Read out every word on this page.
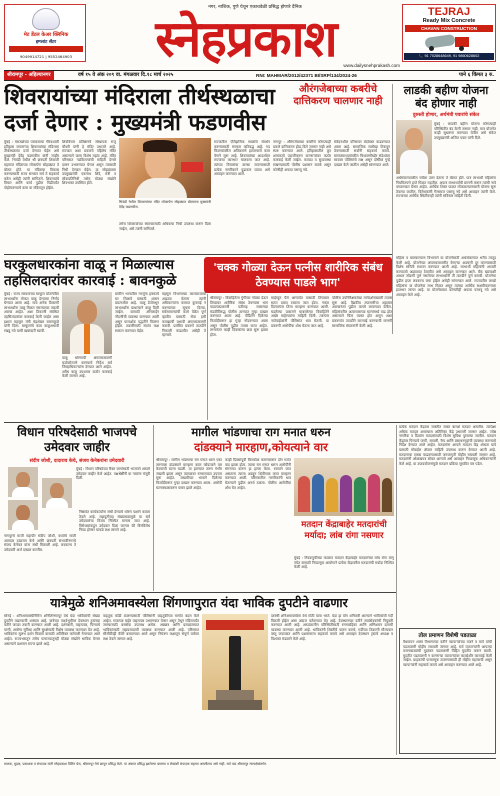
मेट डेंटल केअर क्लिनिक
इम्प्लांट सेंटर
9049914721 | 9552464903
नगर, नाशिक, पुणे येथून एकाचवेळी प्रसिद्ध होणारे दैनिक
स्नेहप्रकाश	TEJRAJ
Ready Mix Concrete
CHAVAN CONSTRUCTION
📞 91 7028648649, 91 9860628602
www.dailysnehprakash.com
श्रीरामपूर - अहिल्यानगर	वर्ष १५ वे अंक २०९ वा. मंगळवार दि.१८ मार्च २०२५	RNI: MAHMAR/2012/42371 BI/SRP/134/2024-26	पाने ६ किंमत ३ रु.
शिवरायांच्या मंदिराला तीर्थस्थळाचा
दर्जा देणार : मुख्यमंत्री फडणवीस
औरंगजेबाच्या कबरीचे दात्तिकरण चालणार नाही
लाडकी बहीण योजना बंद होणार नाही
दुरुस्ती होणार, अर्थमंत्री पवारांचे संकेत
मुंबई : मराठ्यांच्या पराक्रमाचा गौरवशाली इतिहास जपणाऱ्या शिवरायांच्या मंदिराला तीर्थस्थळाचा दर्जा देण्यात येईल असे मुख्यमंत्री देवेंद्र फडणवीस यांनी जाहीर केले. भिवंडी येथील श्री छत्रपती शिवाजी महाराज मंदिराच्या लोकार्पण सोहळ्यात ते बोलत होते. या मंदिराचा विकास करण्यासाठी राज्य सरकार सर्व ते सहकार्य करेल असेही त्यांनी सांगितले. शिवरायांचे विचार आणि कार्य पुढील पिढीपर्यंत पोहोचवण्याचे काम या मंदिरातून होईल.
शिवविचार प्रतिष्ठानचे संस्थापक राजू चौधरी यांनी हे मंदिर उभारले आहे. राज्यात अशा प्रकारचे पहिलेच मंदिर असल्याने याला विशेष महत्व आहे. मंदिर परिसरात गडकिल्ल्यांची माहिती देणारे दालन उभारण्यात येणार असून त्यासाठी निधी देण्यात येईल. या सोहळ्याला उपमुख्यमंत्री एकनाथ शिंदे, मंत्री व लोकप्रतिनिधी तसेच मोठ्या संख्येने शिवभक्त उपस्थित होते.
भिवंडी येथील शिवरायांच्या मंदिर लोकार्पण सोहळ्यात बोलताना मुख्यमंत्री देवेंद्र फडणवीस.
तसेच शिवरायांच्या स्मारकासाठी अधिकचा निधी उपलब्ध करून दिला जाईल, असे त्यांनी सांगितले.
राज्यातील ऐतिहासिक स्थळांचे संवर्धन करण्यासाठी सरकार कटिबद्ध आहे. गड किल्ल्यांवरील अतिक्रमणे हटवण्याचे काम वेगाने सुरू आहे. शिवरायांच्या आदर्शावर राज्याचा कारभार चालवला जात आहे. त्यांच्या विचारांचा वारसा जपण्यासाठी प्रत्येक नागरिकाने पुढाकार घ्यावा असे आवाहन करण्यात आले.
नागपूर : औरंगजेबाच्या कबरीचे कोणत्याही प्रकारे दात्तिकरण होऊ दिले जाणार नाही असे स्पष्ट करण्यात आले. इतिहासातील क्रूर शासकाचे उदात्तीकरण करणाऱ्यांवर कठोर कारवाई केली जाईल. कायदा व सुव्यवस्था राखण्यासाठी पोलीस प्रशासन सतर्क असून कोणीही अफवा पसरवू नये.
संवेदनशील परिसरात बंदोबस्त वाढवण्यात आला आहे. सामाजिक सलोखा टिकवून ठेवण्यासाठी सर्वांनी सहकार्य करावे. समाजमाध्यमांवरील चिथावणीखोर संदेशांवर सायबर पोलिसांचे लक्ष असून दोषींवर गुन्हे दाखल केले जातील असेही सांगण्यात आले.
मुंबई : लाडकी बहीण योजना कोणत्याही परिस्थितीत बंद केली जाणार नाही, मात्र योजनेत काही सुधारणा करण्यात येतील असे संकेत उपमुख्यमंत्री अजित पवार यांनी दिले.
अर्थसंकल्पावरील चर्चेला उत्तर देताना ते बोलत होते. पात्र लाभार्थी महिलांना नियमितपणे हप्ते मिळत राहतील. अपात्र लाभार्थ्यांची छाननी करून त्यांची नावे वगळण्यात येणार आहेत. आर्थिक शिस्त पाळत लोककल्याणकारी योजना सुरू ठेवल्या जातील, विरोधकांनी गैरसमज पसरवू नये असे आवाहन त्यांनी केले. राज्याच्या आर्थिक स्थितीवरही त्यांनी सविस्तर माहिती दिली.
घरकुलधारकांना वाळू न मिळाल्यास
तहसिलदारांवर कारवाई : बावनकुळे
'चक्क गोळ्या देऊन पत्नीस शारीरिक संबंध ठेवण्यास पाडले भाग'
मुंबई : राज्य सरकारच्या घरकुल योजनेतील लाभार्थ्यांना मोफत वाळू देण्याचा निर्णय घेण्यात आला आहे. मात्र अनेक ठिकाणी लाभार्थ्यांना वाळू मिळत नसल्याच्या तक्रारी आल्या आहेत. अशा ठिकाणी संबंधित तहसिलदारांवर कारवाई केली जाईल असा इशारा महसूल मंत्री चंद्रशेखर बावनकुळे यांनी दिला. घरकुलांचे काम वाळूअभावी रखडू नये याची खबरदारी घ्यावी.
वाळू धोरणाची अंमलबजावणी काटेकोरपणे करण्याचे निर्देश सर्व जिल्हाधिकाऱ्यांना देण्यात आले आहेत. अवैध वाळू उपशावर कठोर कारवाई केली जाणार आहे.
ग्रामीण भागातील गरजूंना हक्काचे घर मिळावे यासाठी शासन प्रयत्नशील आहे. वाळू डेपोमधून लाभार्थ्यांना प्राधान्याने वाळू दिली जाईल. यासाठी ऑनलाईन नोंदणीची व्यवस्था करण्यात आली असून पारदर्शक पद्धतीने वितरण होईल. तक्रारींसाठी स्वतंत्र कक्ष स्थापन करण्यात येईल.
महसूल विभागाच्या कामकाजाचा आढावा घेताना त्यांनी अधिकाऱ्यांना कामात कुचराई न करण्याच्या सूचना दिल्या. सर्वसामान्यांची कामे वेळेत पूर्ण व्हावीत यासाठी सेवा हमी कायद्याची प्रभावी अंमलबजावणी करावी. प्रलंबित प्रकरणे तातडीने निकाली काढावीत असेही ते म्हणाले.
श्रीरामपूर : विवाहितेला गुंगीच्या गोळ्या देऊन तिच्यावर शारीरिक संबंध ठेवण्यास भाग पाडल्याप्रकरणी पतीसह सासरच्या मंडळींविरुद्ध पोलीस ठाण्यात गुन्हा दाखल करण्यात आला आहे. पीडितेने दिलेल्या फिर्यादीवरून हा गुन्हा नोंदवण्यात आला असून पोलीस पुढील तपास करत आहेत. लग्नानंतर काही दिवसांतच छळ सुरू झाला होता.
माहेरहून पैसे आणावेत यासाठी तिच्यावर सतत दबाव टाकला जात होता. नकार दिल्यानंतर तिला मारहाण करण्यात आली. घडलेल्या प्रकाराने घाबरलेल्या विवाहितेने अखेर माहेरच्यांना माहिती दिली. त्यानंतर नातेवाईकांनी पोलिसांत धाव घेतली. या प्रकरणी आरोपींचा शोध घेतला जात आहे.
पोलीस उपनिरीक्षकांच्या मार्गदर्शनाखाली तपास सुरू आहे. वैद्यकीय तपासणीचा अहवाल आल्यानंतर पुढील कलमे लावण्यात येतील. महिलांवरील अत्याचाराच्या घटनांमध्ये वाढ होत असल्याने चिंता व्यक्त होत असून अशा प्रकरणांत तातडीने कारवाई करण्याची मागणी सामाजिक संघटनांनी केली आहे.
महिला व बालकल्याण विभागाने या योजनेसाठी अर्थसंकल्पात भरीव तरतूद केली आहे. योजनेच्या अंमलबजावणीत येणाऱ्या अडचणी दूर करण्यासाठी विशेष समिती स्थापन करण्यात आली आहे. लाभार्थी महिलांनी आपली कागदपत्रे अद्ययावत ठेवावीत असे आवाहन करण्यात आले. बँक खात्याशी आधार जोडणी पूर्ण नसलेल्या लाभार्थ्यांनी ती तातडीने पूर्ण करावी. योजनेचा पुढील हप्ता लवकरच जमा होईल असेही सांगण्यात आले. राज्यातील लाखो महिलांना या योजनेचा लाभ मिळत असून त्यांच्या आर्थिक सक्षमीकरणाला हातभार लागत आहे. या योजनेबाबत कोणतीही अफवा पसरवू नये असे आवाहन केले आहे.
विधान परिषदेसाठी भाजपचे उमेदवार जाहीर
संदीप जोशी, दादाराव केचे, संजय केनेकरांना उमेदवारी
मुंबई : विधान परिषदेच्या रिक्त जागांसाठी भाजपने आपले उमेदवार जाहीर केले आहेत. पक्षश्रेष्ठींनी या नावांना मंजुरी दिली.
नागपूरचे माजी महापौर संदीप जोशी, वर्ध्याचे माजी आमदार दादाराव केचे आणि छत्रपती संभाजीनगरचे संजय केनेकर यांना संधी मिळाली आहे. लवकरच ते उमेदवारी अर्ज दाखल करतील.
निष्ठावंत कार्यकर्त्यांना संधी देण्याचे धोरण पक्षाने कायम ठेवले आहे. महायुतीच्या संख्याबळामुळे या सर्व उमेदवारांचा विजय निश्चित मानला जात आहे. विरोधकांकडून उमेदवार दिला जाणार की बिनविरोध निवड होणार याकडे लक्ष लागले आहे.
मागील भांडणाचा राग मनात धरुन
दांडक्याने मारहाण,कोयत्याने वार
श्रीरामपूर : मागील भांडणाचा राग मनात धरुन एका तरुणाला दांडक्याने मारहाण करत कोयत्याने वार केल्याची घटना घडली. या हल्ल्यात तरुण गंभीर जखमी झाला असून त्याच्यावर रुग्णालयात उपचार सुरू आहेत. जखमीच्या भावाने दिलेल्या फिर्यादीवरून गुन्हा दाखल करण्यात आला. आरोपी घटनास्थळावरून पसार झाले आहेत.
काही दिवसांपूर्वी किरकोळ कारणावरून दोन गटांत वाद झाला होता. त्याचा राग मनात धरून आरोपींनी संगनमत करून हा हल्ला केला. रस्त्याने जात असताना त्याला अडवून शिवीगाळ करत मारहाण करण्यात आली. परिसरातील नागरिकांनी धाव घेतल्याने पुढील अनर्थ टळला. पोलीस आरोपींचा शोध घेत आहेत.
मतदान केंद्राबाहेर मतदारांची मर्यादा; लांब रांगा नसणार
मुंबई : निवडणुकीच्या काळात मतदान केंद्राबाहेर मतदारांच्या लांब रांगा लागू नयेत यासाठी निवडणूक आयोगाने प्रत्येक केंद्रावरील मतदारांची मर्यादा निश्चित केली आहे.
प्रत्येक मतदान केंद्रावर जास्तीत जास्त बाराशे मतदार असतील. त्यापेक्षा अधिक मतदार असल्यास अतिरिक्त केंद्रे उभारली जाणार आहेत. ज्येष्ठ नागरिक व दिव्यांग मतदारांसाठी विशेष सुविधा पुरवल्या जातील. मतदान केंद्रांवर पिण्याचे पाणी, सावली, रॅम्प आणि प्रसाधनगृहांची व्यवस्था करण्याचे निर्देश देण्यात आले आहेत. मतदारांना आपले मतदान केंद्र शोधता यावे यासाठी मोबाईल ॲपवर माहिती उपलब्ध करून देण्यात आली आहे. मतदानाचा टक्का वाढवण्यासाठी जनजागृती मोहीम राबवली जाणार आहे. मतदारांनी ओळखपत्र सोबत आणावे असे आवाहन निवडणूक अधिकाऱ्यांनी केले आहे. या उपाययोजनांमुळे मतदान प्रक्रिया सुरळीत पार पडेल.
तोल प्रमाणन विशेषी पडताळा
वैधमापन शास्त्र विभागाच्या वतीने व्यापाऱ्यांच्या वजने व मापे यांची पडताळणी मोहीम राबवली जाणार आहे. सर्व व्यापाऱ्यांनी आपल्या वजनकाट्यांची मुद्रांकन पडताळणी विहित मुदतीत करून घ्यावी. मुदतीत पडताळणी न करणाऱ्या व्यापाऱ्यांवर कायदेशीर कारवाई केली जाईल. ग्राहकांची फसवणूक टाळण्यासाठी ही मोहीम महत्त्वाची असून व्यापाऱ्यांनी सहकार्य करावे असे आवाहन करण्यात आले आहे.
यात्रेमुळे शनिअमावस्येला शिंगणापुरात यंदा भाविक दुपटीने वाढणार
सोनई : शनिअमावस्येनिमित्त शनिशिंगणापूर येथे यंदा भाविकांची संख्या दुपटीने वाढण्याची शक्यता आहे. यात्रेच्या पार्श्वभूमीवर देवस्थान ट्रस्टच्या वतीने जय्यत तयारी करण्यात आली आहे. दर्शनबारी, वाहनतळ, पिण्याचे पाणी, आरोग्य सुविधा आणि सुरक्षेसाठी विशेष व्यवस्था करण्यात येत आहे. भाविकांना सुलभ दर्शन मिळावे यासाठी अतिरिक्त कर्मचारी नेमण्यात आले आहेत. राज्यभरातून तसेच परराज्यातूनही मोठ्या संख्येने भाविक येणार असल्याने प्रशासन सज्ज झाले आहे.
वाहतूक कोंडी टाळण्यासाठी पोलिसांनी वाहतुकीच्या मार्गात बदल केले आहेत. गावाच्या बाहेर वाहनतळ उभारण्यात येणार असून तेथून मंदिरापर्यंत जाण्यासाठी बससेवा उपलब्ध असेल. अन्नछत्र आणि प्रसादालयात भाविकांसाठी महाप्रसादाची व्यवस्था करण्यात आली आहे. परिसरात सीसीटीव्ही कॅमेरे बसवण्यात आले असून नियंत्रण कक्षातून संपूर्ण यात्रेवर लक्ष ठेवले जाणार आहे.
दरवर्षी शनिअमावस्येला येथे मोठी यात्रा भरते. यंदा हा योग शनिवारी आल्याने भाविकांची गर्दी विक्रमी होईल असा अंदाज वर्तवण्यात येत आहे. देवस्थानच्या वतीने स्वयंसेवकांची नियुक्ती करण्यात आली आहे. आपत्कालीन परिस्थितीसाठी रुग्णवाहिका आणि अग्निशमन दलाची व्यवस्था करण्यात आली आहे. भाविकांनी शिस्तीचे पालन करावे, गर्दीच्या ठिकाणी मौल्यवान वस्तू जपाव्यात आणि प्रशासनाला सहकार्य करावे असे आवाहन देवस्थान ट्रस्टचे अध्यक्ष व विश्वस्त मंडळाने केले आहे.
मालक, मुद्रक, प्रकाशक व संपादक यांनी स्नेहप्रकाश प्रिंटिंग प्रेस, श्रीरामपूर येथे छापून प्रसिद्ध केले. या अंकात प्रसिद्ध झालेल्या बातम्या व लेखांशी संपादक सहमत असतीलच असे नाही. सर्व वाद श्रीरामपूर न्यायक्षेत्रांतर्गत.
